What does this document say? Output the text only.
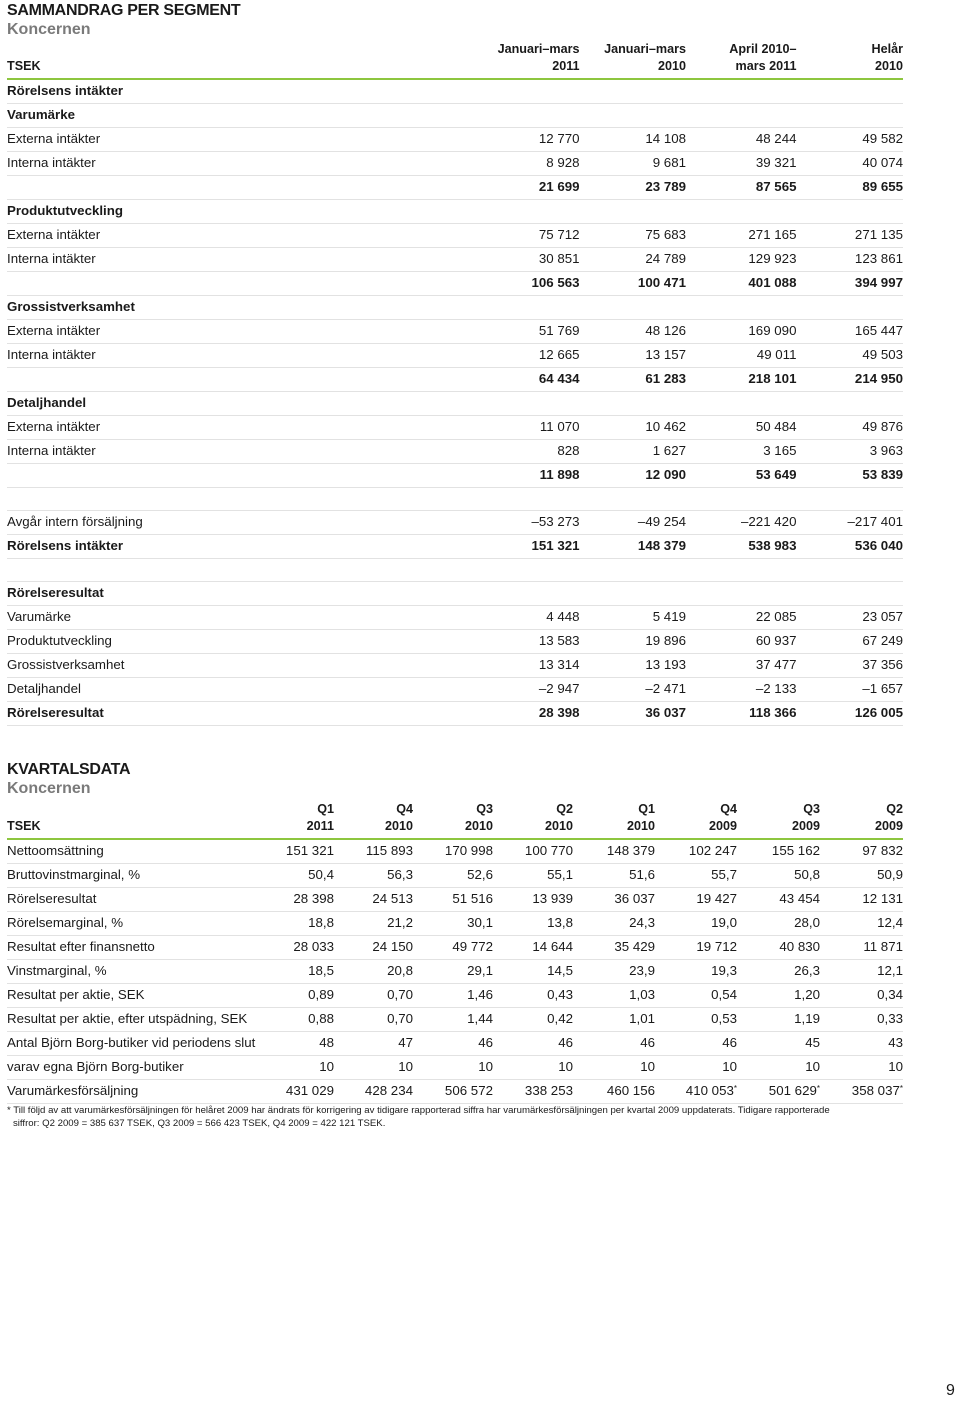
SAMMANDRAG PER SEGMENT
Koncernen
	Januari–mars	Januari–mars	April 2010–	Helår
TSEK	2011	2010	mars 2011	2010
Rörelsens intäkter				
Varumärke				
Externa intäkter	12 770	14 108	48 244	49 582
Interna intäkter	8 928	9 681	39 321	40 074
	21 699	23 789	87 565	89 655
Produktutveckling				
Externa intäkter	75 712	75 683	271 165	271 135
Interna intäkter	30 851	24 789	129 923	123 861
	106 563	100 471	401 088	394 997
Grossistverksamhet				
Externa intäkter	51 769	48 126	169 090	165 447
Interna intäkter	12 665	13 157	49 011	49 503
	64 434	61 283	218 101	214 950
Detaljhandel				
Externa intäkter	11 070	10 462	50 484	49 876
Interna intäkter	828	1 627	3 165	3 963
	11 898	12 090	53 649	53 839

Avgår intern försäljning	–53 273	–49 254	–221 420	–217 401
Rörelsens intäkter	151 321	148 379	538 983	536 040

Rörelseresultat				
Varumärke	4 448	5 419	22 085	23 057
Produktutveckling	13 583	19 896	60 937	67 249
Grossistverksamhet	13 314	13 193	37 477	37 356
Detaljhandel	–2 947	–2 471	–2 133	–1 657
Rörelseresultat	28 398	36 037	118 366	126 005
KVARTALSDATA
Koncernen
	Q1	Q4	Q3	Q2	Q1	Q4	Q3	Q2
TSEK	2011	2010	2010	2010	2010	2009	2009	2009
Nettoomsättning	151 321	115 893	170 998	100 770	148 379	102 247	155 162	97 832
Bruttovinstmarginal, %	50,4	56,3	52,6	55,1	51,6	55,7	50,8	50,9
Rörelseresultat	28 398	24 513	51 516	13 939	36 037	19 427	43 454	12 131
Rörelsemarginal, %	18,8	21,2	30,1	13,8	24,3	19,0	28,0	12,4
Resultat efter finansnetto	28 033	24 150	49 772	14 644	35 429	19 712	40 830	11 871
Vinstmarginal, %	18,5	20,8	29,1	14,5	23,9	19,3	26,3	12,1
Resultat per aktie, SEK	0,89	0,70	1,46	0,43	1,03	0,54	1,20	0,34
Resultat per aktie, efter utspädning, SEK	0,88	0,70	1,44	0,42	1,01	0,53	1,19	0,33
Antal Björn Borg-butiker vid periodens slut	48	47	46	46	46	46	45	43
varav egna Björn Borg-butiker	10	10	10	10	10	10	10	10
Varumärkesförsäljning	431 029	428 234	506 572	338 253	460 156	410 053*	501 629*	358 037*
* Till följd av att varumärkesförsäljningen för helåret 2009 har ändrats för korrigering av tidigare rapporterad siffra har varumärkesförsäljningen per kvartal 2009 uppdaterats. Tidigare rapporterade
siffror: Q2 2009 = 385 637 TSEK, Q3 2009 = 566 423 TSEK, Q4 2009 = 422 121 TSEK.
9
